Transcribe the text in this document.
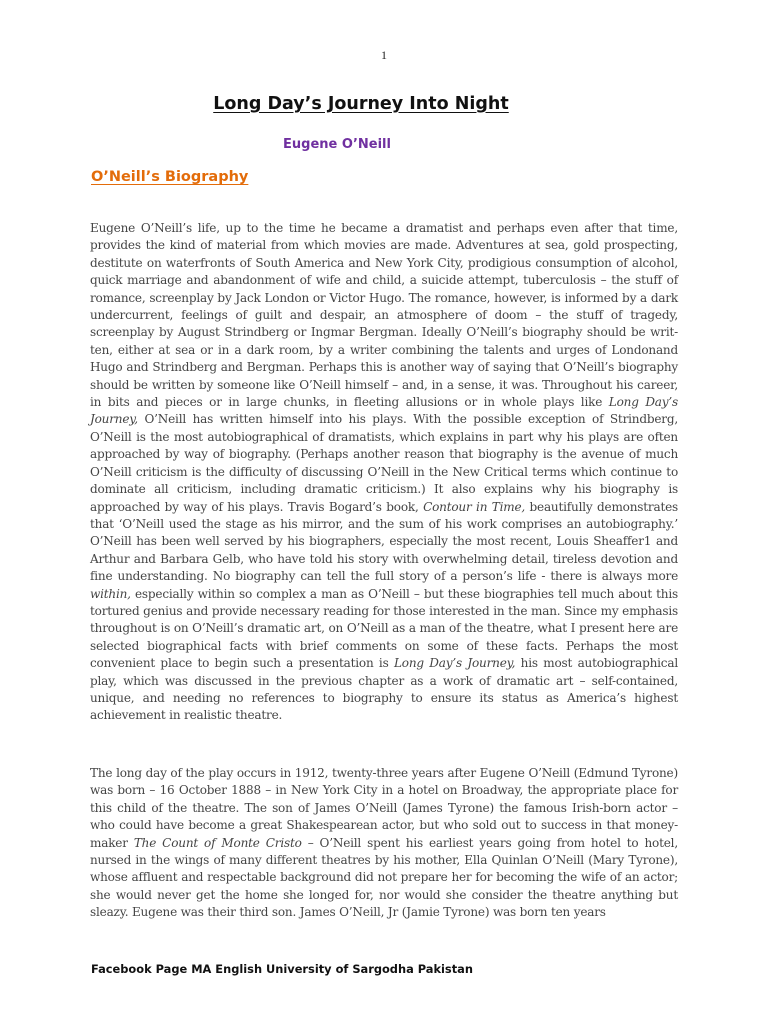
1
Long Day’s Journey Into Night
Eugene O’Neill
O’Neill’s Biography

Eugene O’Neill’s life, up to the time he became a dramatist and perhaps even after that time, provides the kind of material from which movies are made. Adventures at sea, gold prospecting, destitute on waterfronts of South America and New York City, prodigious consumption of alcohol, quick marriage and abandonment of wife and child, a suicide attempt, tuberculosis – the stuff of romance, screenplay by Jack London or Victor Hugo. The romance, however, is informed by a dark undercurrent, feelings of guilt and despair, an atmosphere of doom – the stuff of tragedy, screenplay by August Strindberg or Ingmar Bergman. Ideally O’Neill’s biography should be writ-ten, either at sea or in a dark room, by a writer combining the talents and urges of Londonand Hugo and Strindberg and Bergman. Perhaps this is another way of saying that O’Neill’s biography should be written by someone like O’Neill himself – and, in a sense, it was. Throughout his career, in bits and pieces or in large chunks, in fleeting allusions or in whole plays like Long Day’s Journey, O’Neill has written himself into his plays. With the possible exception of Strindberg, O’Neill is the most autobiographical of dramatists, which explains in part why his plays are often approached by way of biography. (Perhaps another reason that biography is the avenue of much O’Neill criticism is the difficulty of discussing O’Neill in the New Critical terms which continue to dominate all criticism, including dramatic criticism.) It also explains why his biography is approached by way of his plays. Travis Bogard’s book, Contour in Time, beautifully demonstrates that ‘O’Neill used the stage as his mirror, and the sum of his work comprises an autobiography.’ O’Neill has been well served by his biographers, especially the most recent, Louis Sheaffer1 and Arthur and Barbara Gelb, who have told his story with overwhelming detail, tireless devotion and fine understanding. No biography can tell the full story of a person’s life - there is always more within, especially within so complex a man as O’Neill – but these biographies tell much about this tortured genius and provide necessary reading for those interested in the man. Since my emphasis throughout is on O’Neill’s dramatic art, on O’Neill as a man of the theatre, what I present here are selected biographical facts with brief comments on some of these facts. Perhaps the most convenient place to begin such a presentation is Long Day’s Journey, his most autobiographical play, which was discussed in the previous chapter as a work of dramatic art – self-contained, unique, and needing no references to biography to ensure its status as America’s highest achievement in realistic theatre.

The long day of the play occurs in 1912, twenty-three years after Eugene O’Neill (Edmund Tyrone) was born – 16 October 1888 – in New York City in a hotel on Broadway, the appropriate place for this child of the theatre. The son of James O’Neill (James Tyrone) the famous Irish-born actor – who could have become a great Shakespearean actor, but who sold out to success in that money-maker The Count of Monte Cristo – O’Neill spent his earliest years going from hotel to hotel, nursed in the wings of many different theatres by his mother, Ella Quinlan O’Neill (Mary Tyrone), whose affluent and respectable background did not prepare her for becoming the wife of an actor; she would never get the home she longed for, nor would she consider the theatre anything but sleazy. Eugene was their third son. James O’Neill, Jr (Jamie Tyrone) was born ten years

Facebook Page MA English University of Sargodha Pakistan
